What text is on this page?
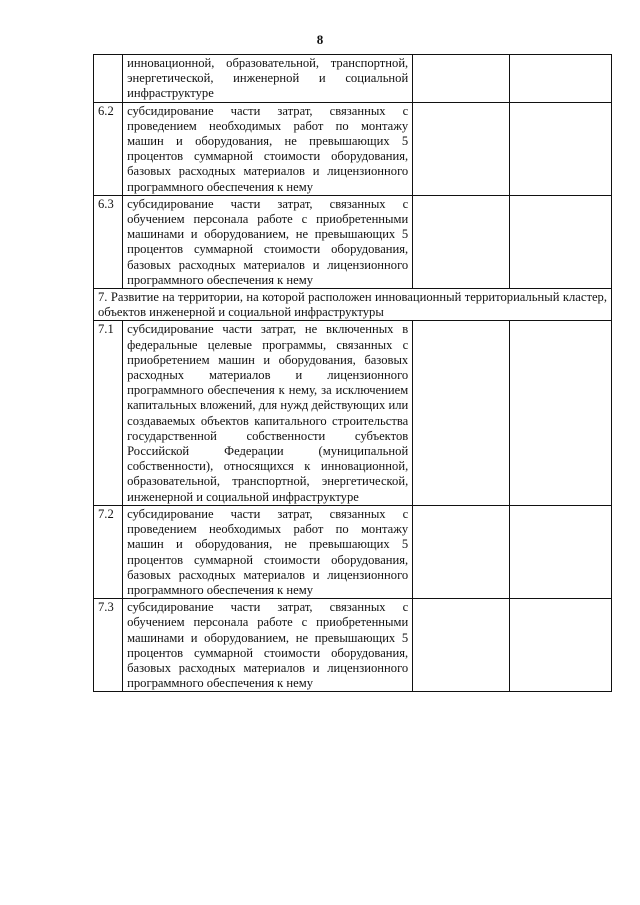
8
	инновационной, образовательной, транспортной, энергетической, инженерной и социальной инфраструктуре		
6.2	субсидирование части затрат, связанных с проведением необходимых работ по монтажу машин и оборудования, не превышающих 5 процентов суммарной стоимости оборудования, базовых расходных материалов и лицензионного программного обеспечения к нему		
6.3	субсидирование части затрат, связанных с обучением персонала работе с приобретенными машинами и оборудованием, не превышающих 5 процентов суммарной стоимости оборудования, базовых расходных материалов и лицензионного программного обеспечения к нему		
7. Развитие на территории, на которой расположен инновационный территориальный кластер, объектов инженерной и социальной инфраструктуры			
7.1	субсидирование части затрат, не включенных в федеральные целевые программы, связанных с приобретением машин и оборудования, базовых расходных материалов и лицензионного программного обеспечения к нему, за исключением капитальных вложений, для нужд действующих или создаваемых объектов капитального строительства государственной собственности субъектов Российской Федерации (муниципальной собственности), относящихся к инновационной, образовательной, транспортной, энергетической, инженерной и социальной инфраструктуре		
7.2	субсидирование части затрат, связанных с проведением необходимых работ по монтажу машин и оборудования, не превышающих 5 процентов суммарной стоимости оборудования, базовых расходных материалов и лицензионного программного обеспечения к нему		
7.3	субсидирование части затрат, связанных с обучением персонала работе с приобретенными машинами и оборудованием, не превышающих 5 процентов суммарной стоимости оборудования, базовых расходных материалов и лицензионного программного обеспечения к нему		
